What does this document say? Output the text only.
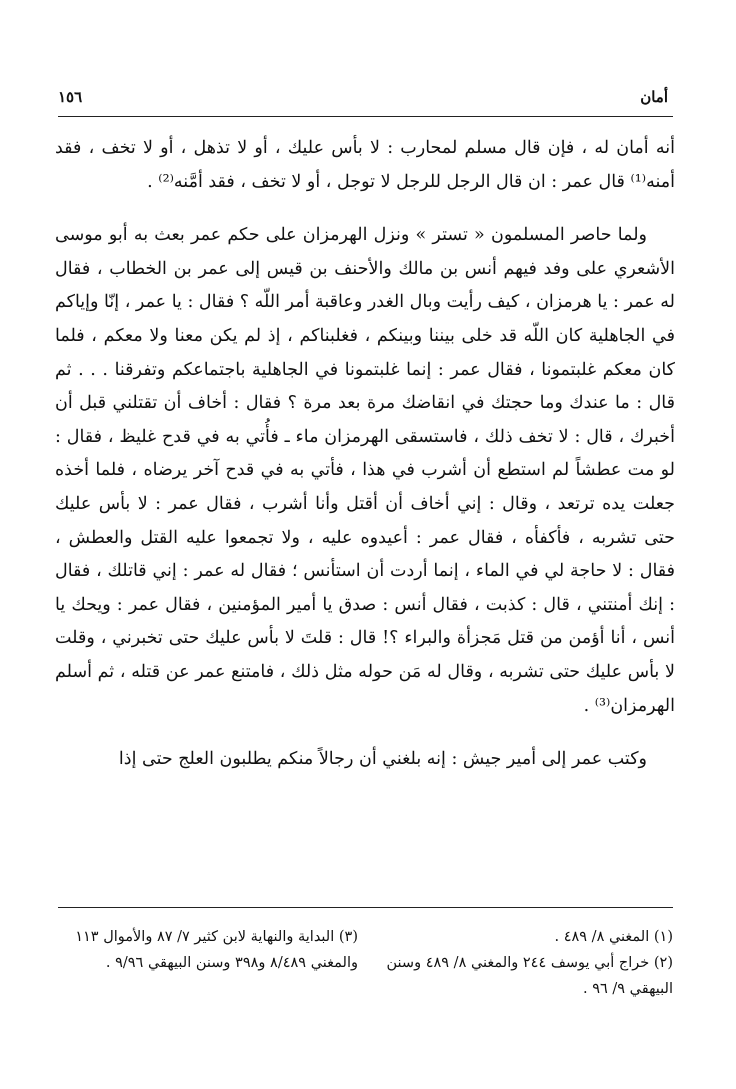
أمان
١٥٦

أنه أمان له ، فإن قال مسلم لمحارب : لا بأس عليك ، أو لا تذهل ، أو لا تخف ، فقد أمنه⁽¹⁾ قال عمر : ان قال الرجل للرجل لا توجل ، أو لا تخف ، فقد أمَّنه⁽²⁾ .

ولما حاصر المسلمون « تستر » ونزل الهرمزان على حكم عمر بعث به أبو موسى الأشعري على وفد فيهم أنس بن مالك والأحنف بن قيس إلى عمر بن الخطاب ، فقال له عمر : يا هرمزان ، كيف رأيت وبال الغدر وعاقبة أمر اللّه ؟ فقال : يا عمر ، إنّا وإياكم في الجاهلية كان اللّه قد خلى بيننا وبينكم ، فغلبناكم ، إذ لم يكن معنا ولا معكم ، فلما كان معكم غلبتمونا ، فقال عمر : إنما غلبتمونا في الجاهلية باجتماعكم وتفرقنا . . . ثم قال : ما عندك وما حجتك في انقاضك مرة بعد مرة ؟ فقال : أخاف أن تقتلني قبل أن أخبرك ، قال : لا تخف ذلك ، فاستسقى الهرمزان ماء ـ فأُتي به في قدح غليظ ، فقال : لو مت عطشاً لم استطع أن أشرب في هذا ، فأتي به في قدح آخر يرضاه ، فلما أخذه جعلت يده ترتعد ، وقال : إني أخاف أن أقتل وأنا أشرب ، فقال عمر : لا بأس عليك حتى تشربه ، فأكفأه ، فقال عمر : أعيدوه عليه ، ولا تجمعوا عليه القتل والعطش ، فقال : لا حاجة لي في الماء ، إنما أردت أن استأنس ؛ فقال له عمر : إني قاتلك ، فقال : إنك أمنتني ، قال : كذبت ، فقال أنس : صدق يا أمير المؤمنين ، فقال عمر : ويحك يا أنس ، أنا أؤمن من قتل مَجزأة والبراء ؟! قال : قلتَ لا بأس عليك حتى تخبرني ، وقلت لا بأس عليك حتى تشربه ، وقال له مَن حوله مثل ذلك ، فامتنع عمر عن قتله ، ثم أسلم الهرمزان⁽³⁾ .

وكتب عمر إلى أمير جيش : إنه بلغني أن رجالاً منكم يطلبون العلج حتى إذا

(١) المغني ٨/ ٤٨٩ .

(٢) خراج أبي يوسف ٢٤٤ والمغني ٨/ ٤٨٩ وسنن البيهقي ٩/ ٩٦ .

(٣) البداية والنهاية لابن كثير ٧/ ٨٧ والأموال ١١٣ والمغني ٨/٤٨٩ و٣٩٨ وسنن البيهقي ٩/٩٦ .
